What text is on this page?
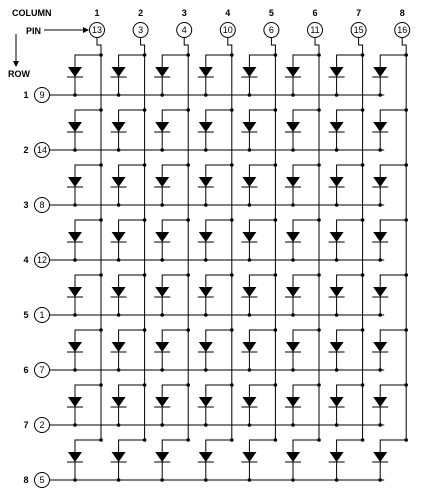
1
13
2
3
3
4
4
10
5
6
6
11
7
15
8
16
1 9
2 14
3 8
4 12
5 1
6 7
7 2
8 5
COLUMN
PIN
ROW
